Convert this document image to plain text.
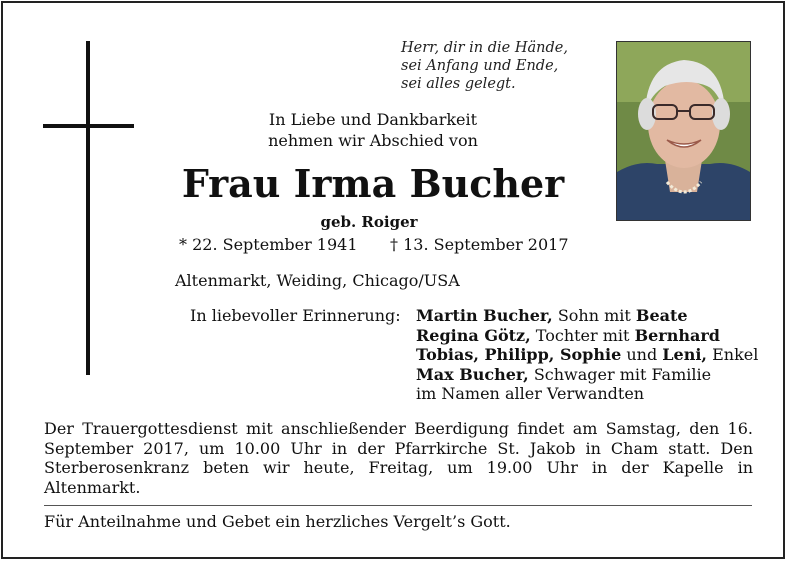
Herr, dir in die Hände,
sei Anfang und Ende,
sei alles gelegt.
In Liebe und Dankbarkeit
nehmen wir Abschied von
Frau Irma Bucher
geb. Roiger
* 22. September 1941 † 13. September 2017
Altenmarkt, Weiding, Chicago/USA
In liebevoller Erinnerung: Martin Bucher, Sohn mit Beate
Regina Götz, Tochter mit Bernhard
Tobias, Philipp, Sophie und Leni, Enkel
Max Bucher, Schwager mit Familie
im Namen aller Verwandten
Der Trauergottesdienst mit anschließender Beerdigung findet am Samstag, den 16. September 2017, um 10.00 Uhr in der Pfarrkirche St. Jakob in Cham statt. Den Sterberosenkranz beten wir heute, Freitag, um 19.00 Uhr in der Kapelle in Altenmarkt.
Für Anteilnahme und Gebet ein herzliches Vergelt’s Gott.
